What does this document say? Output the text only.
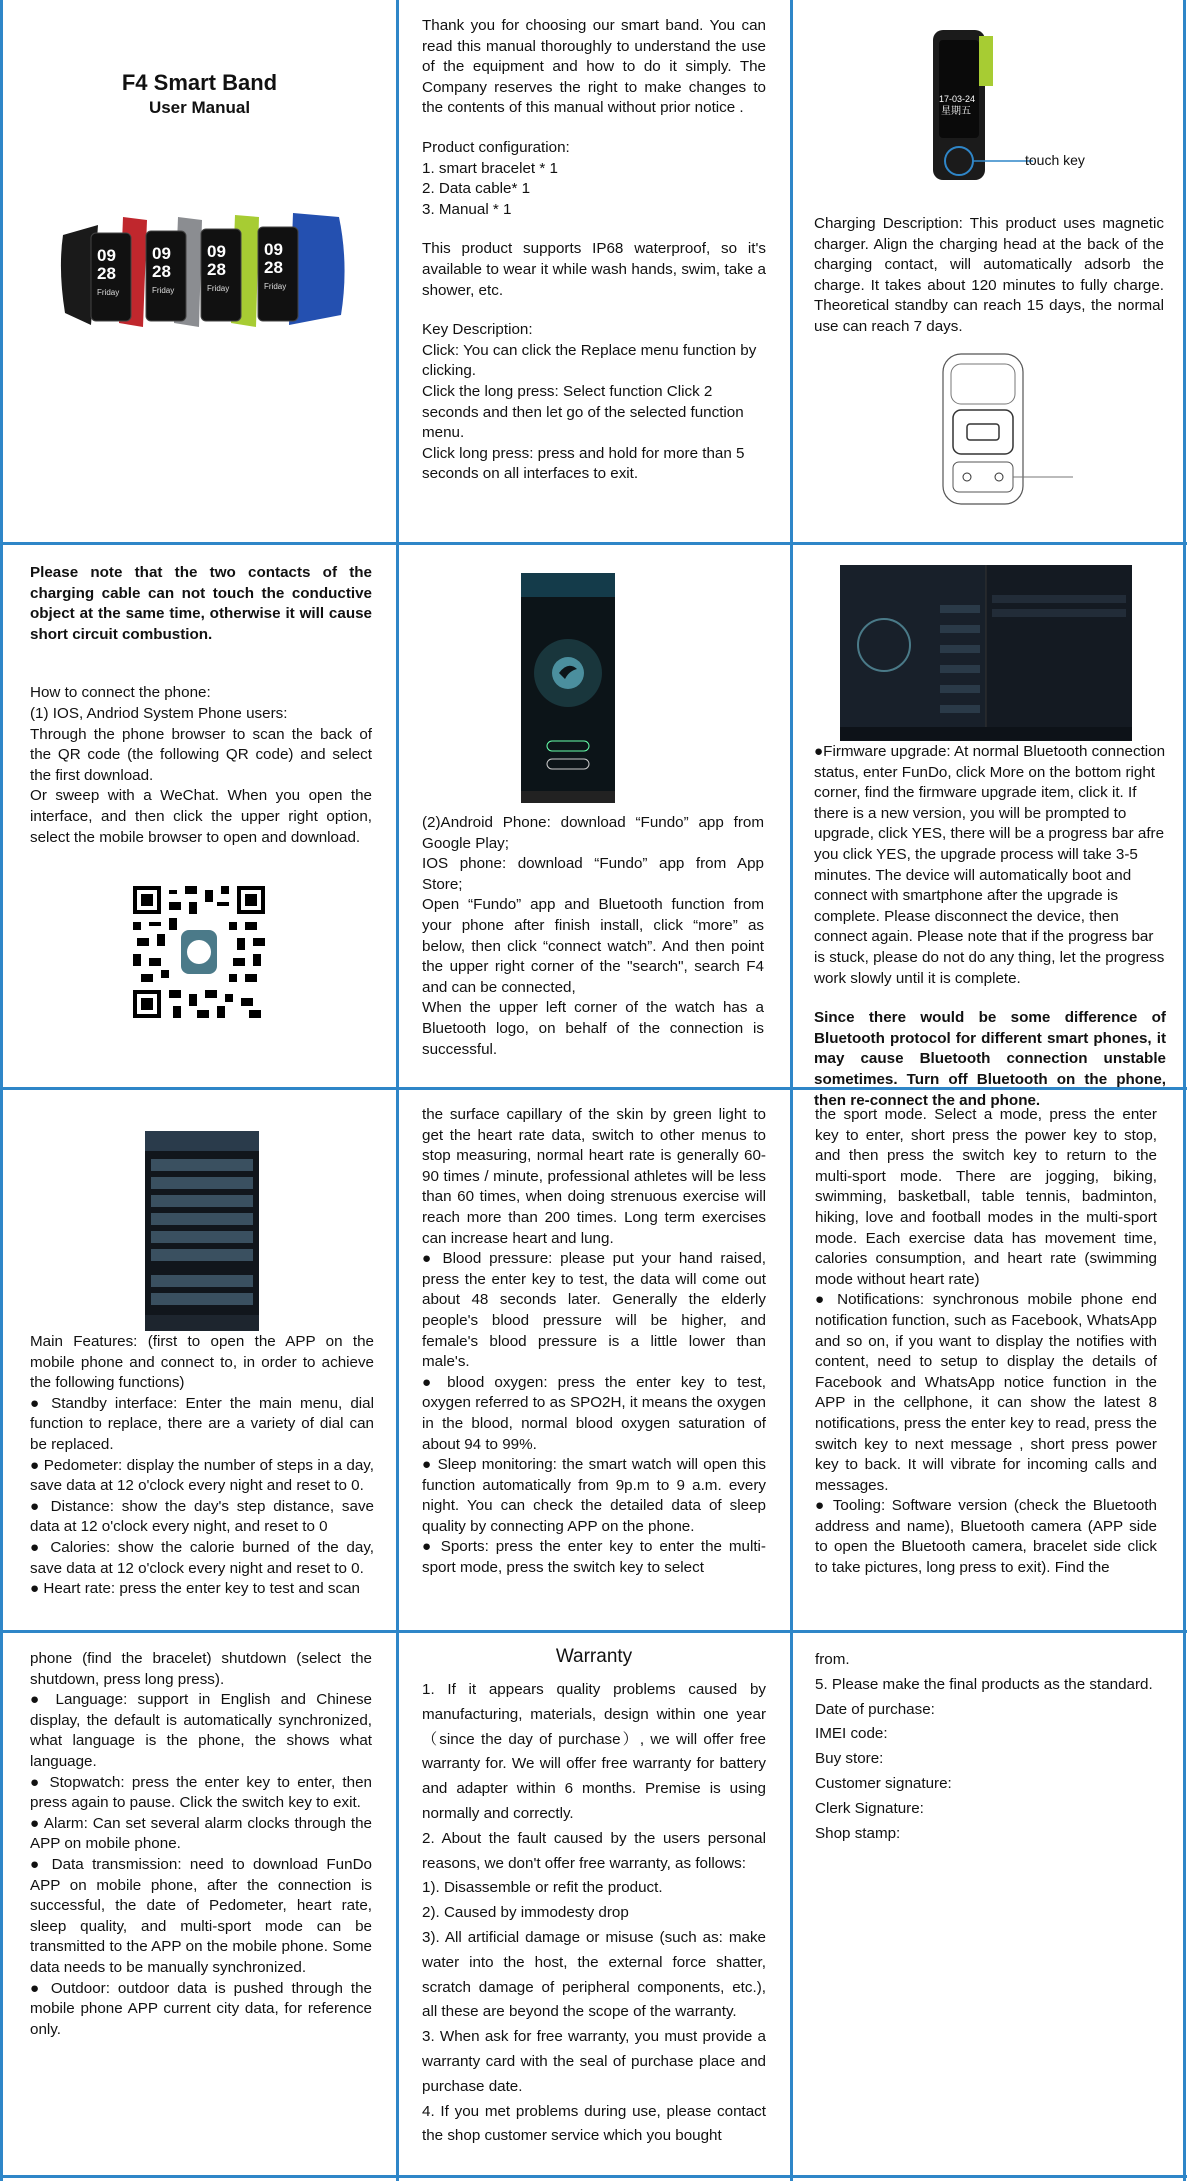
F4 Smart Band
User Manual
09
28
09
28
09
28
09
28
Friday	Friday	Friday	Friday

Thank you for choosing our smart band. You can read this manual thoroughly to understand the use of the equipment and how to do it simply. The Company reserves the right to make changes to the contents of this manual without prior notice .

Product configuration:

1. smart bracelet * 1

2. Data cable* 1

3. Manual * 1

This product supports IP68 waterproof, so it's available to wear it while wash hands, swim, take a shower, etc.

Key Description:

Click: You can click the Replace menu function by clicking.

Click the long press: Select function Click 2 seconds and then let go of the selected function menu.

Click long press: press and hold for more than 5 seconds on all interfaces to exit.

09
28
17-03-24
星期五
touch key
Charging Description: This product uses magnetic charger. Align the charging head at the back of the charging contact, will automatically adsorb the charge. It takes about 120 minutes to fully charge. Theoretical standby can reach 15 days, the normal use can reach 7 days.

Please note that the two contacts of the charging cable can not touch the conductive object at the same time, otherwise it will cause short circuit combustion.

How to connect the phone:

(1) IOS, Andriod System Phone users:

Through the phone browser to scan the back of the QR code (the following QR code) and select the first download.

Or sweep with a WeChat. When you open the interface, and then click the upper right option, select the mobile browser to open and download.

(2)Android Phone: download “Fundo” app from Google Play;

IOS phone: download “Fundo” app from App Store;

Open “Fundo” app and Bluetooth function from your phone after finish install, click “more” as below, then click “connect watch”. And then point the upper right corner of the "search", search F4 and can be connected,

When the upper left corner of the watch has a Bluetooth logo, on behalf of the connection is successful.

●Firmware upgrade: At normal Bluetooth connection status, enter FunDo, click More on the bottom right corner, find the firmware upgrade item, click it. If there is a new version, you will be prompted to upgrade, click YES, there will be a progress bar afre you click YES, the upgrade process will take 3-5 minutes. The device will automatically boot and connect with smartphone after the upgrade is complete. Please disconnect the device, then connect again. Please note that if the progress bar is stuck, please do not do any thing, let the progress work slowly until it is complete.

Since there would be some difference of Bluetooth protocol for different smart phones, it may cause Bluetooth connection unstable sometimes. Turn off Bluetooth on the phone, then re-connect the and phone.

Main Features: (first to open the APP on the mobile phone and connect to, in order to achieve the following functions)

● Standby interface: Enter the main menu, dial function to replace, there are a variety of dial can be replaced.

● Pedometer: display the number of steps in a day, save data at 12 o'clock every night and reset to 0.

● Distance: show the day's step distance, save data at 12 o'clock every night, and reset to 0

● Calories: show the calorie burned of the day, save data at 12 o'clock every night and reset to 0.

● Heart rate: press the enter key to test and scan

the surface capillary of the skin by green light to get the heart rate data, switch to other menus to stop measuring, normal heart rate is generally 60-90 times / minute, professional athletes will be less than 60 times, when doing strenuous exercise will reach more than 200 times. Long term exercises can increase heart and lung.

● Blood pressure: please put your hand raised, press the enter key to test, the data will come out about 48 seconds later. Generally the elderly people's blood pressure will be higher, and female's blood pressure is a little lower than male's.

● blood oxygen: press the enter key to test, oxygen referred to as SPO2H, it means the oxygen in the blood, normal blood oxygen saturation of about 94 to 99%.

● Sleep monitoring: the smart watch will open this function automatically from 9p.m to 9 a.m. every night. You can check the detailed data of sleep quality by connecting APP on the phone.

● Sports: press the enter key to enter the multi-sport mode, press the switch key to select

the sport mode. Select a mode, press the enter key to enter, short press the power key to stop, and then press the switch key to return to the multi-sport mode. There are jogging, biking, swimming, basketball, table tennis, badminton, hiking, love and football modes in the multi-sport mode. Each exercise data has movement time, calories consumption, and heart rate (swimming mode without heart rate)

● Notifications: synchronous mobile phone end notification function, such as Facebook, WhatsApp and so on, if you want to display the notifies with content, need to setup to display the details of Facebook and WhatsApp notice function in the APP in the cellphone, it can show the latest 8 notifications, press the enter key to read, press the switch key to next message , short press power key to back. It will vibrate for incoming calls and messages.

● Tooling: Software version (check the Bluetooth address and name), Bluetooth camera (APP side to open the Bluetooth camera, bracelet side click to take pictures, long press to exit). Find the

phone (find the bracelet) shutdown (select the shutdown, press long press).

● Language: support in English and Chinese display, the default is automatically synchronized, what language is the phone, the shows what language.

● Stopwatch: press the enter key to enter, then press again to pause. Click the switch key to exit.

● Alarm: Can set several alarm clocks through the APP on mobile phone.

● Data transmission: need to download FunDo APP on mobile phone, after the connection is successful, the date of Pedometer, heart rate, sleep quality, and multi-sport mode can be transmitted to the APP on the mobile phone. Some data needs to be manually synchronized.

● Outdoor: outdoor data is pushed through the mobile phone APP current city data, for reference only.

Warranty

1. If it appears quality problems caused by manufacturing, materials, design within one year（since the day of purchase）, we will offer free warranty for. We will offer free warranty for battery and adapter within 6 months. Premise is using normally and correctly.

2. About the fault caused by the users personal reasons, we don't offer free warranty, as follows:

1). Disassemble or refit the product.

2). Caused by immodesty drop

3). All artificial damage or misuse (such as: make water into the host, the external force shatter, scratch damage of peripheral components, etc.), all these are beyond the scope of the warranty.

3. When ask for free warranty, you must provide a warranty card with the seal of purchase place and purchase date.

4. If you met problems during use, please contact the shop customer service which you bought

from.

5. Please make the final products as the standard.

Date of purchase:

IMEI code:

Buy store:

Customer signature:

Clerk Signature:

Shop stamp:
